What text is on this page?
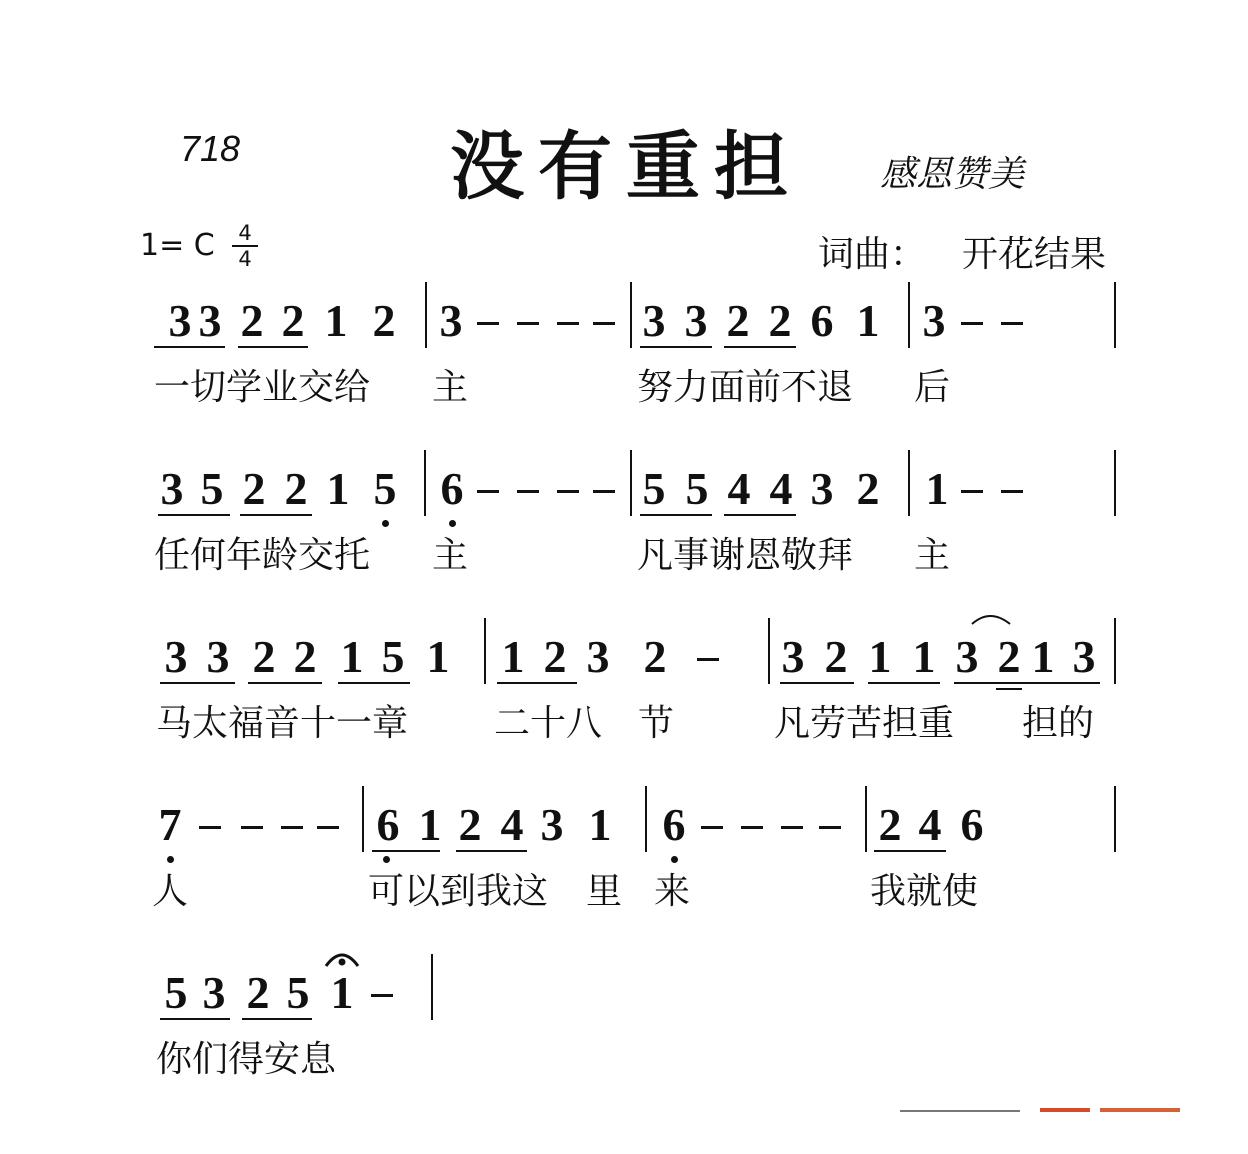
718	没有重担 感恩赞美
1= C	4
4	词曲： 开花结果
3 3 2 2 1 2 3	3 3 2 2 6 1 3
一切学业交给 主	努力面前不退 后
3 5 2 2 1 5 6	5 5 4 4 3 2 1
任何年龄交托 主	凡事谢恩敬拜 主
3 3 2 2 1 5 1 1 2 3 2	3 2 1 1 3 2 1 3
马太福音十一章 二十八 节	凡劳苦担重 担的
7	6 1 2 4 3 1 6	2 4 6
人	可以到我这 里 来	我就使
5 3 2 5 1
你们得安息
